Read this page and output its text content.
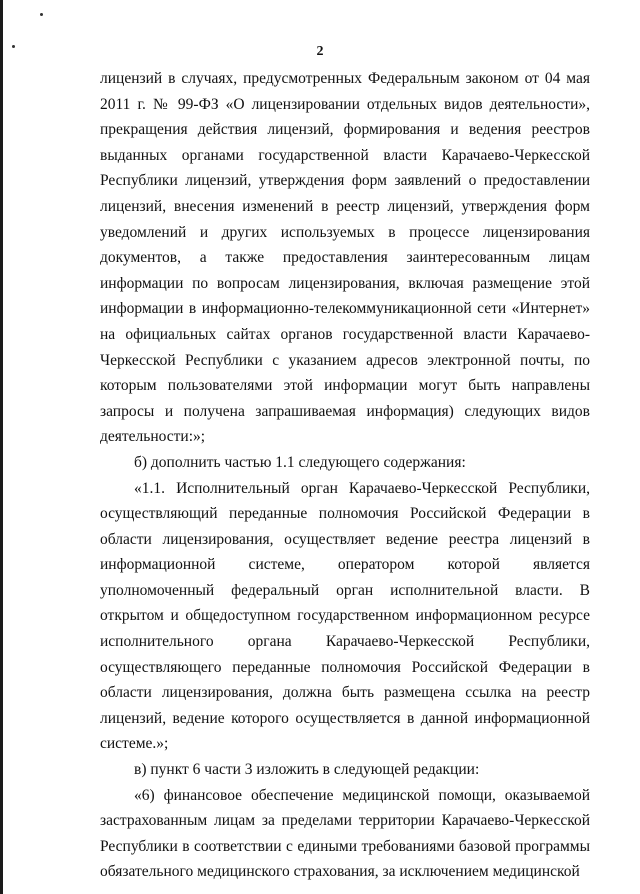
2

лицензий в случаях, предусмотренных Федеральным законом от 04 мая 2011 г. № 99-ФЗ «О лицензировании отдельных видов деятельности», прекращения действия лицензий, формирования и ведения реестров выданных органами государственной власти Карачаево-Черкесской Республики лицензий, утверждения форм заявлений о предоставлении лицензий, внесения изменений в реестр лицензий, утверждения форм уведомлений и других используемых в процессе лицензирования документов, а также предоставления заинтересованным лицам информации по вопросам лицензирования, включая размещение этой информации в информационно-телекоммуникационной сети «Интернет» на официальных сайтах органов государственной власти Карачаево-Черкесской Республики с указанием адресов электронной почты, по которым пользователями этой информации могут быть направлены запросы и получена запрашиваемая информация) следующих видов деятельности:»;

б) дополнить частью 1.1 следующего содержания:

«1.1. Исполнительный орган Карачаево-Черкесской Республики, осуществляющий переданные полномочия Российской Федерации в области лицензирования, осуществляет ведение реестра лицензий в информационной системе, оператором которой является уполномоченный федеральный орган исполнительной власти. В открытом и общедоступном государственном информационном ресурсе исполнительного органа Карачаево-Черкесской Республики, осуществляющего переданные полномочия Российской Федерации в области лицензирования, должна быть размещена ссылка на реестр лицензий, ведение которого осуществляется в данной информационной системе.»;

в) пункт 6 части 3 изложить в следующей редакции:

«6) финансовое обеспечение медицинской помощи, оказываемой застрахованным лицам за пределами территории Карачаево-Черкесской Республики в соответствии с едиными требованиями базовой программы обязательного медицинского страхования, за исключением медицинской
